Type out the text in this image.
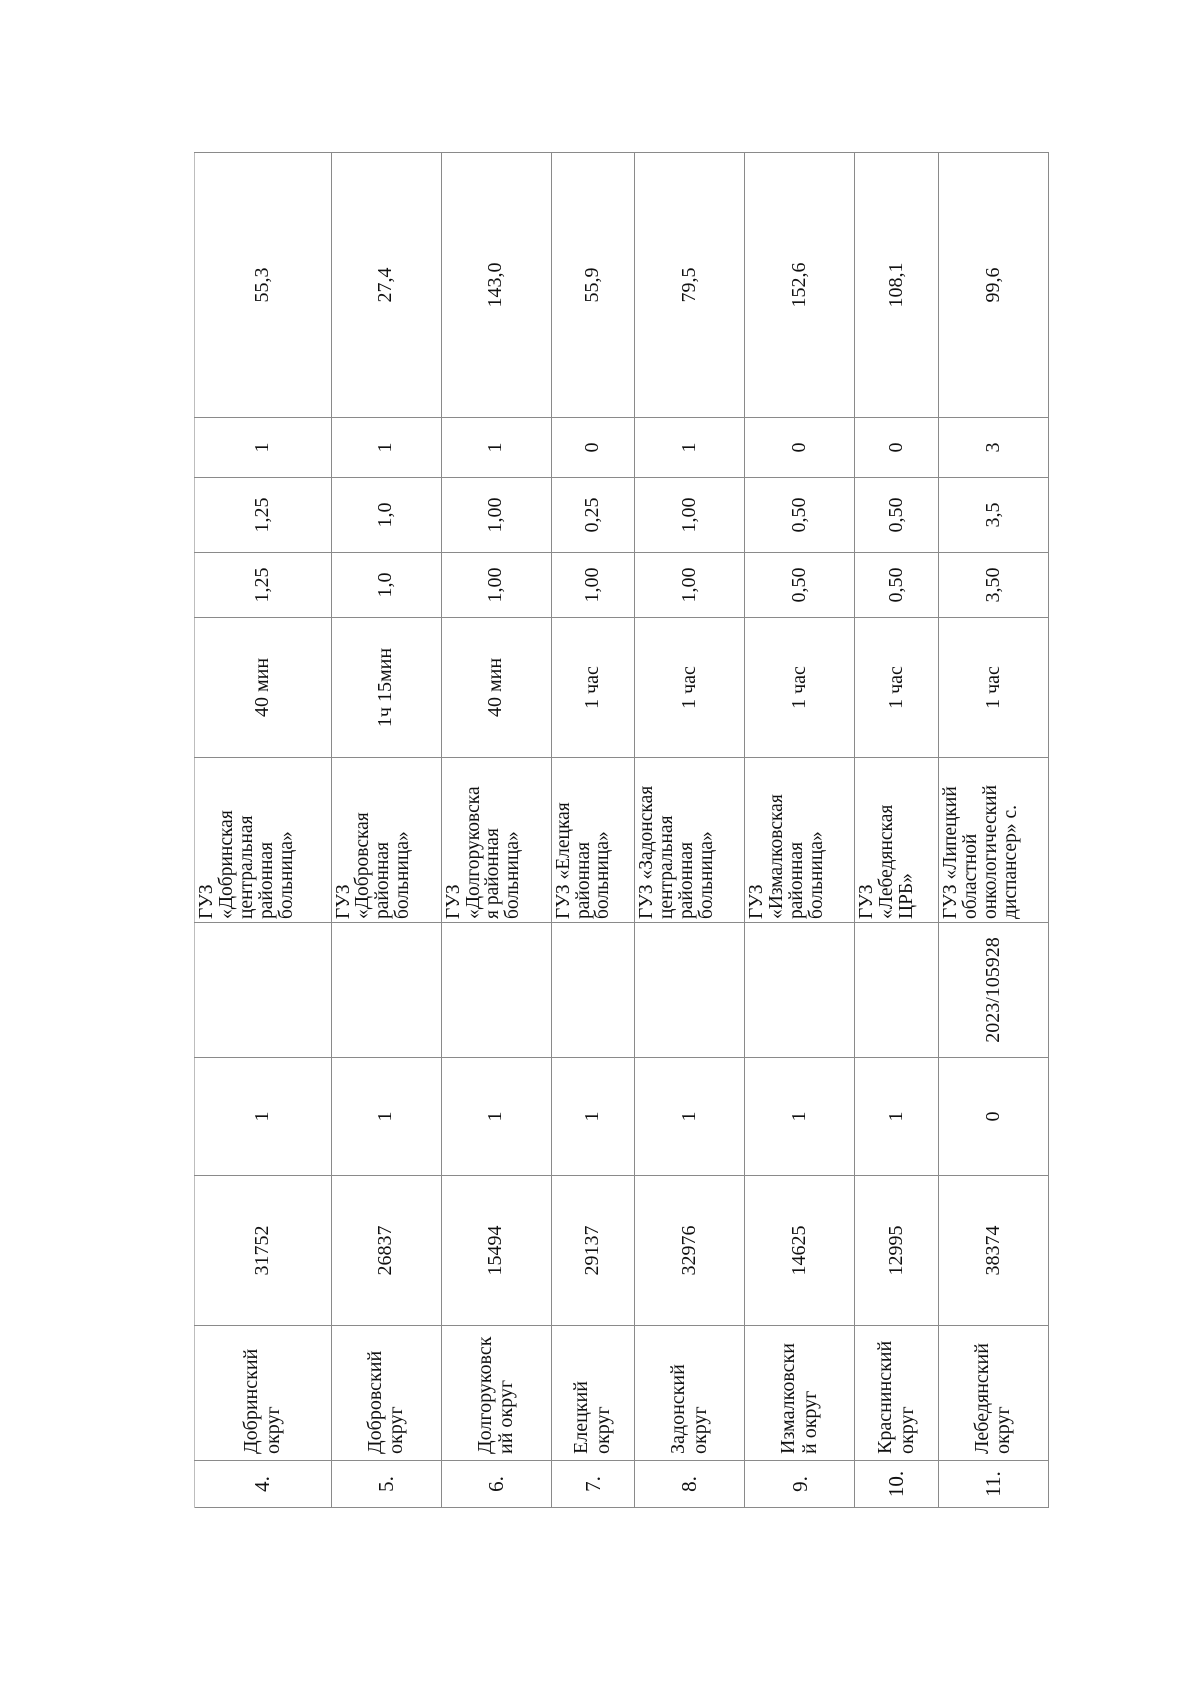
4.	Добринский
округ	31752	1		ГУЗ
«Добринская
центральная
районная
больница»	40 мин	1,25	1,25	1	55,3
5.	Добровский
округ	26837	1		ГУЗ
«Добровская
районная
больница»	1ч 15мин	1,0	1,0	1	27,4
6.	Долгоруковск
ий округ	15494	1		ГУЗ
«Долгоруковска
я районная
больница»	40 мин	1,00	1,00	1	143,0
7.	Елецкий
округ	29137	1		ГУЗ «Елецкая
районная
больница»	1 час	1,00	0,25	0	55,9
8.	Задонский
округ	32976	1		ГУЗ «Задонская
центральная
районная
больница»	1 час	1,00	1,00	1	79,5
9.	Измалковски
й округ	14625	1		ГУЗ
«Измалковская
районная
больница»	1 час	0,50	0,50	0	152,6
10.	Краснинский
округ	12995	1		ГУЗ
«Лебедянская
ЦРБ»	1 час	0,50	0,50	0	108,1
11.	Лебедянский
округ	38374	0	2023/105928	ГУЗ «Липецкий
областной
онкологический
диспансер» с.	1 час	3,50	3,5	3	99,6
